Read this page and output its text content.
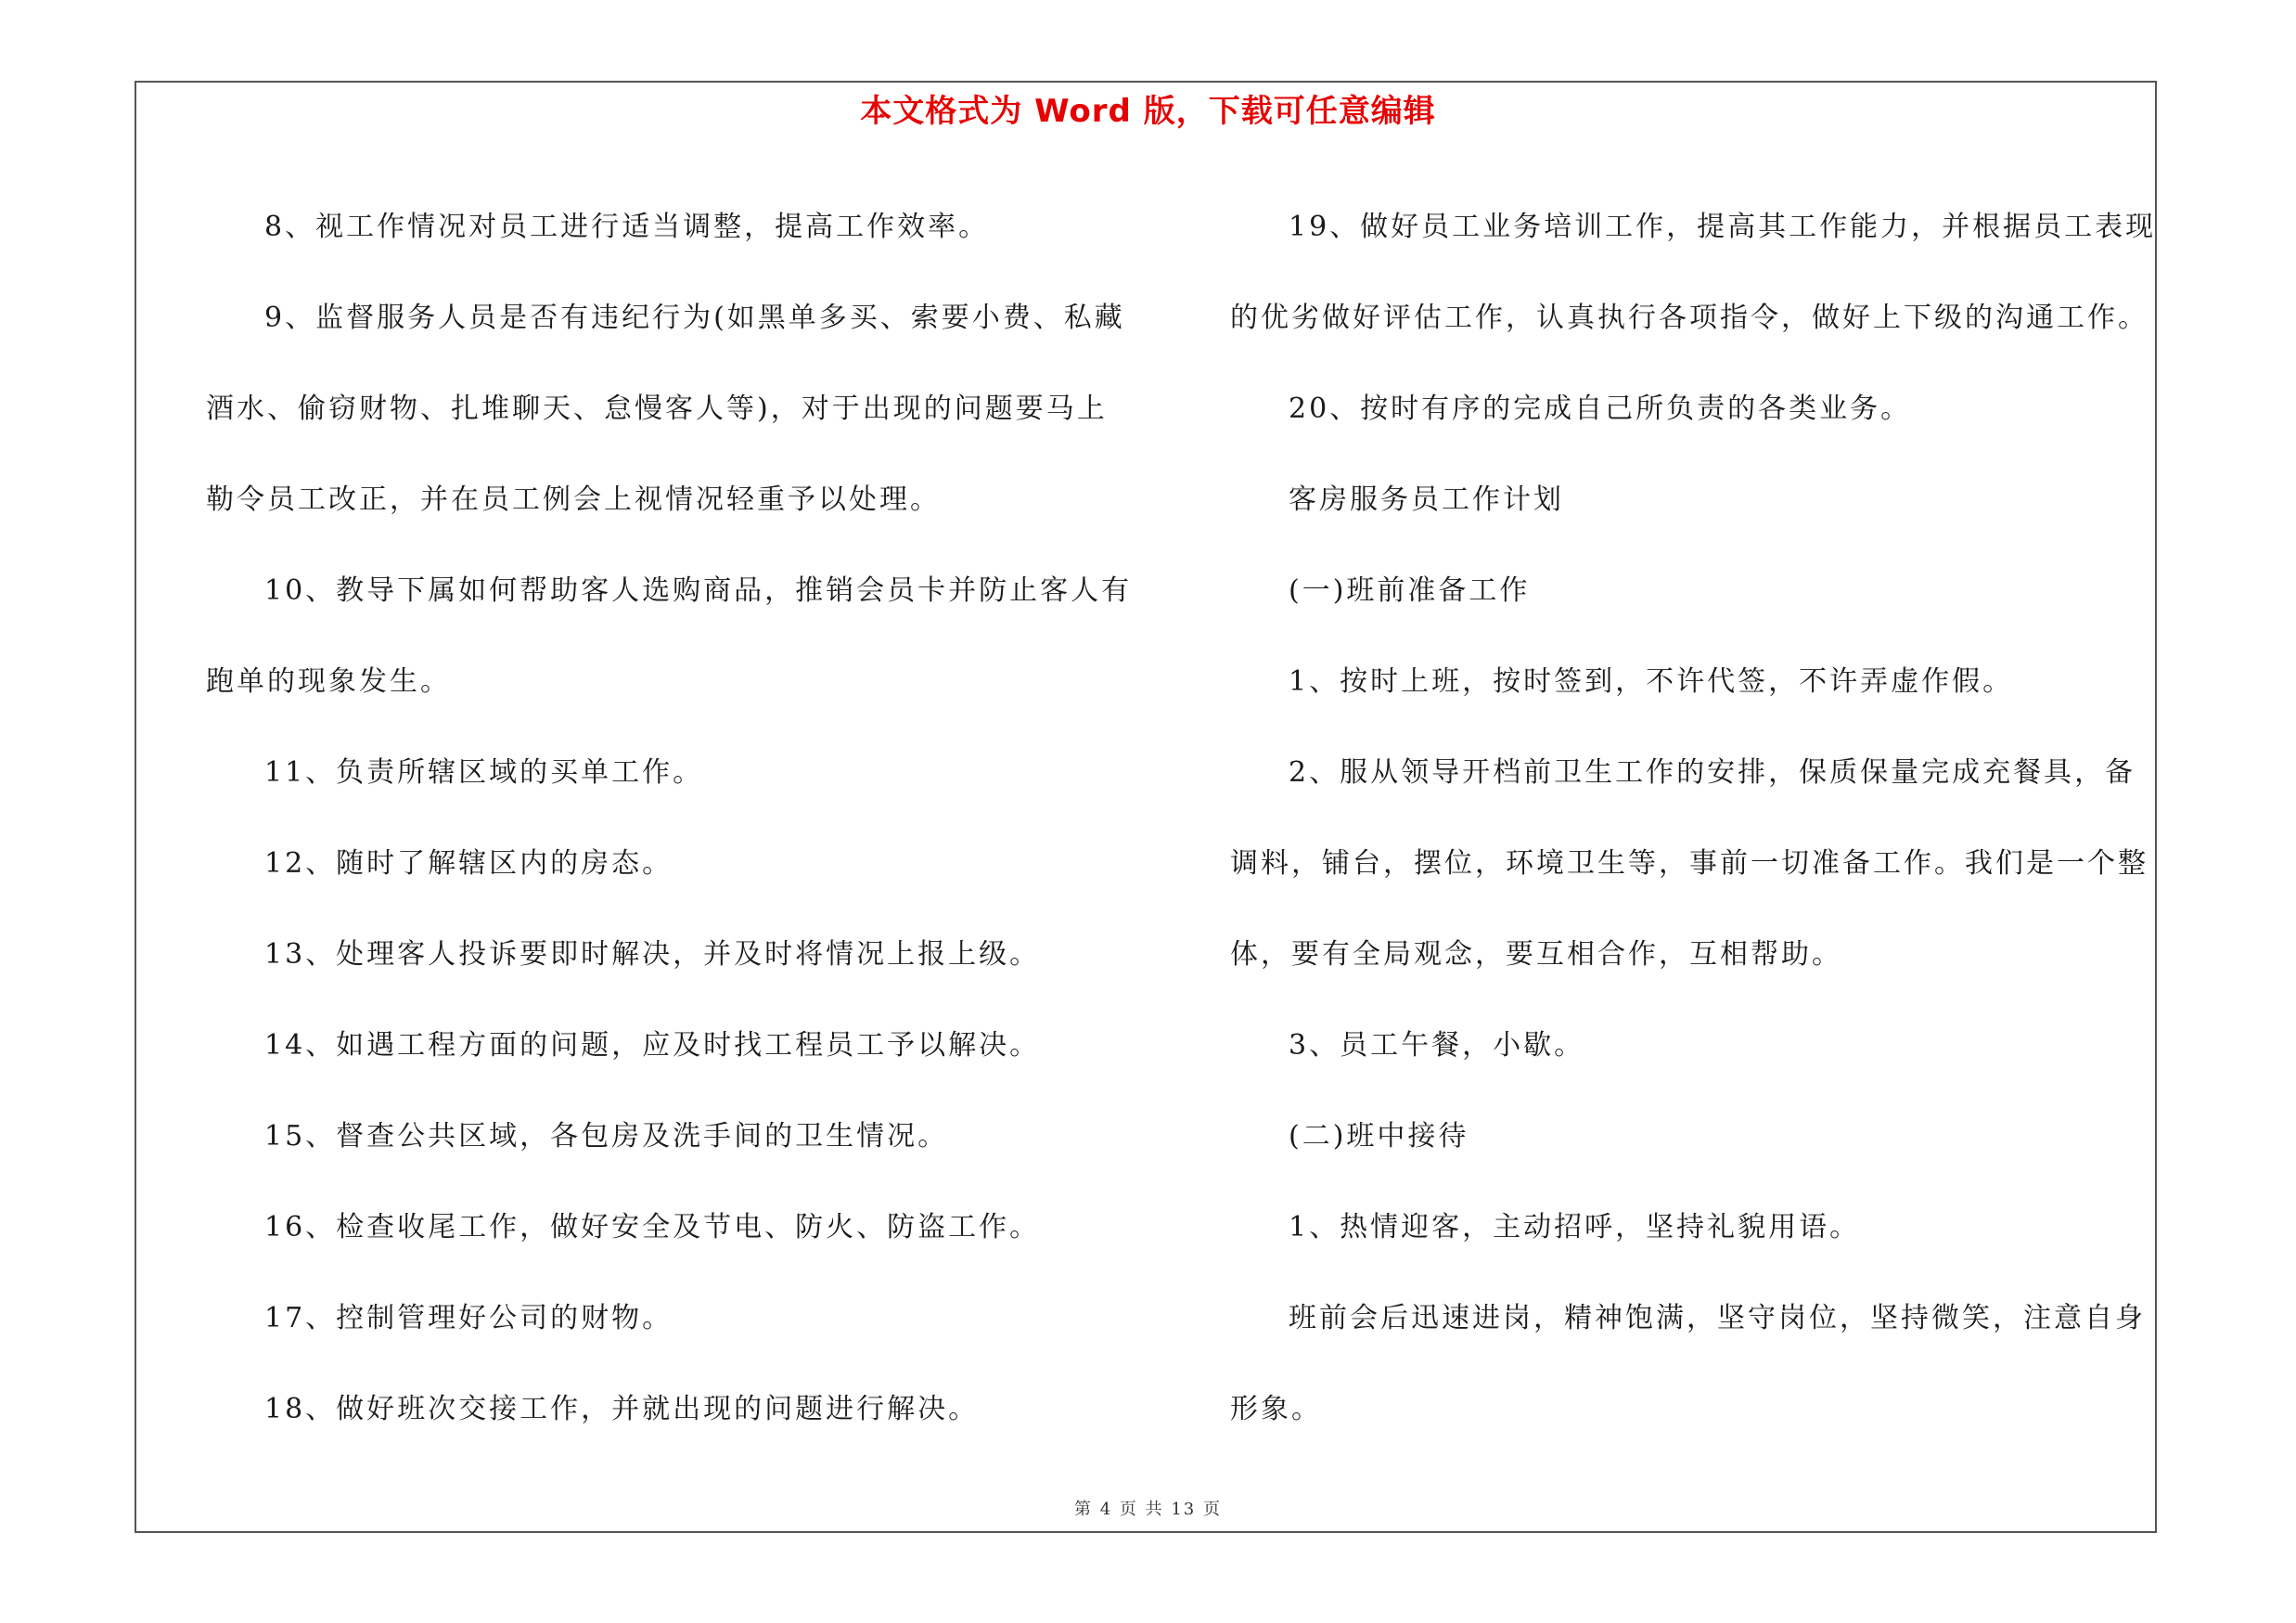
本文格式为 Word 版，下载可任意编辑

8、视工作情况对员工进行适当调整，提高工作效率。

9、监督服务人员是否有违纪行为(如黑单多买、索要小费、私藏

酒水、偷窃财物、扎堆聊天、怠慢客人等)，对于出现的问题要马上

勒令员工改正，并在员工例会上视情况轻重予以处理。

10、教导下属如何帮助客人选购商品，推销会员卡并防止客人有

跑单的现象发生。

11、负责所辖区域的买单工作。

12、随时了解辖区内的房态。

13、处理客人投诉要即时解决，并及时将情况上报上级。

14、如遇工程方面的问题，应及时找工程员工予以解决。

15、督查公共区域，各包房及洗手间的卫生情况。

16、检查收尾工作，做好安全及节电、防火、防盗工作。

17、控制管理好公司的财物。

18、做好班次交接工作，并就出现的问题进行解决。

19、做好员工业务培训工作，提高其工作能力，并根据员工表现

的优劣做好评估工作，认真执行各项指令，做好上下级的沟通工作。

20、按时有序的完成自己所负责的各类业务。

客房服务员工作计划

(一)班前准备工作

1、按时上班，按时签到，不许代签，不许弄虚作假。

2、服从领导开档前卫生工作的安排，保质保量完成充餐具，备

调料，铺台，摆位，环境卫生等，事前一切准备工作。我们是一个整

体，要有全局观念，要互相合作，互相帮助。

3、员工午餐，小歇。

(二)班中接待

1、热情迎客，主动招呼，坚持礼貌用语。

班前会后迅速进岗，精神饱满，坚守岗位，坚持微笑，注意自身

形象。

第 4 页 共 13 页
